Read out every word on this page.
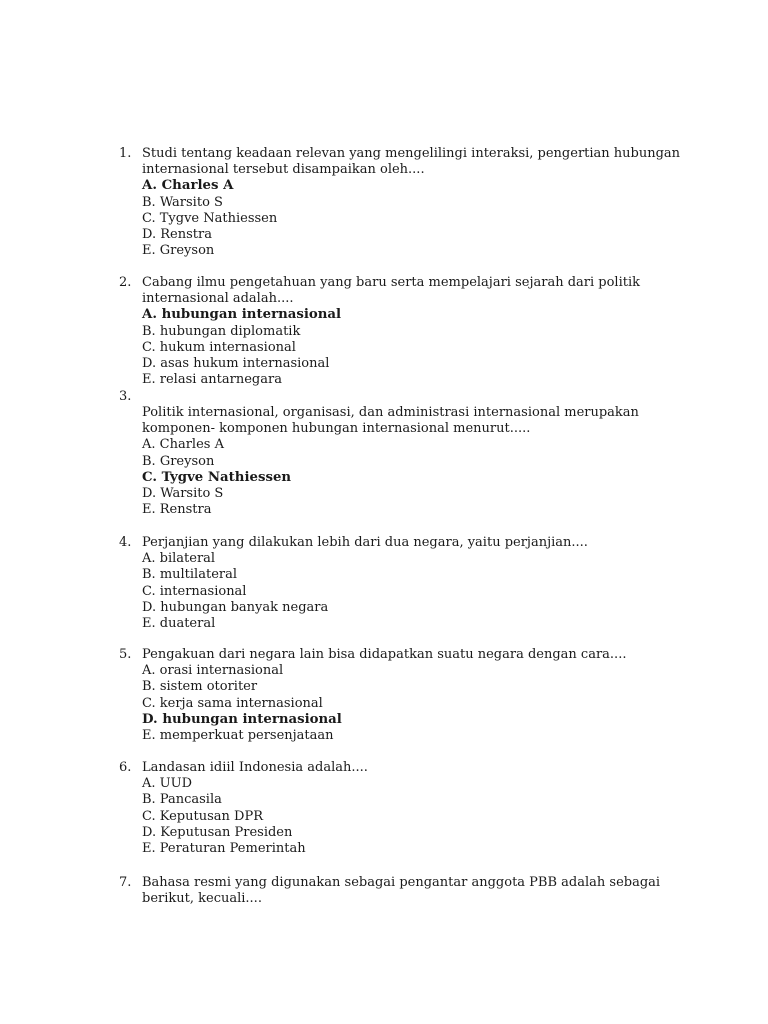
1. Studi tentang keadaan relevan yang mengelilingi interaksi, pengertian hubungan
internasional tersebut disampaikan oleh....
A. Charles A
B. Warsito S
C. Tygve Nathiessen
D. Renstra
E. Greyson
2. Cabang ilmu pengetahuan yang baru serta mempelajari sejarah dari politik
internasional adalah....
A. hubungan internasional
B. hubungan diplomatik
C. hukum internasional
D. asas hukum internasional
E. relasi antarnegara
3.
Politik internasional, organisasi, dan administrasi internasional merupakan
komponen- komponen hubungan internasional menurut.....
A. Charles A
B. Greyson
C. Tygve Nathiessen
D. Warsito S
E. Renstra
4. Perjanjian yang dilakukan lebih dari dua negara, yaitu perjanjian....
A. bilateral
B. multilateral
C. internasional
D. hubungan banyak negara
E. duateral
5. Pengakuan dari negara lain bisa didapatkan suatu negara dengan cara....
A. orasi internasional
B. sistem otoriter
C. kerja sama internasional
D. hubungan internasional
E. memperkuat persenjataan
6. Landasan idiil Indonesia adalah....
A. UUD
B. Pancasila
C. Keputusan DPR
D. Keputusan Presiden
E. Peraturan Pemerintah
7. Bahasa resmi yang digunakan sebagai pengantar anggota PBB adalah sebagai
berikut, kecuali....
